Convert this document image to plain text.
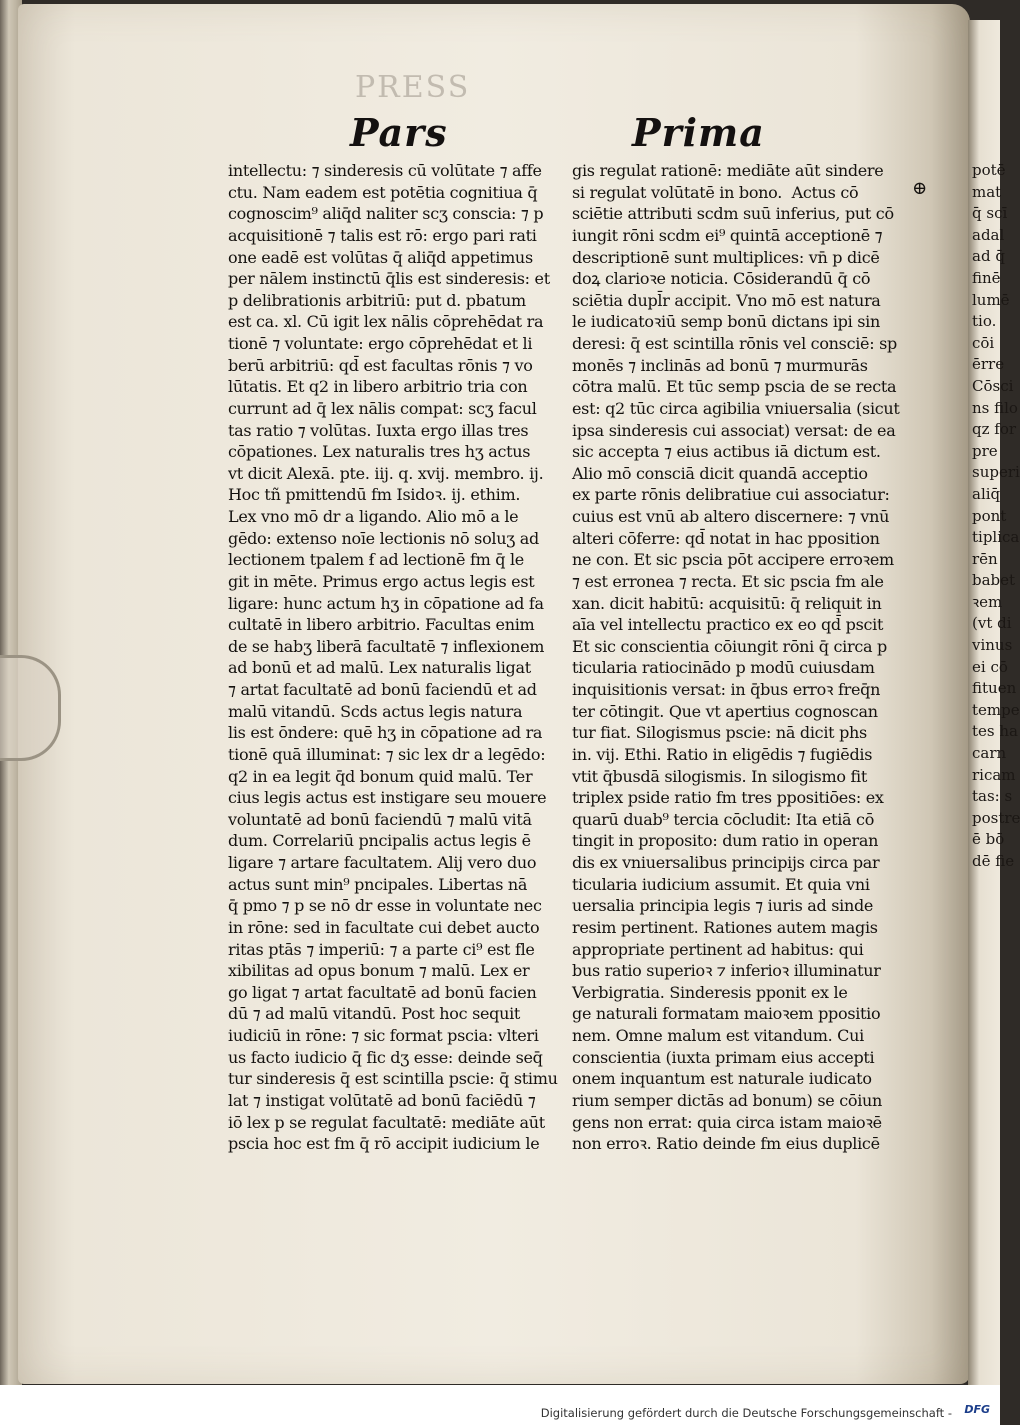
potē
mat
q̄ scī
adal
ad q̄
finē
lumē
tio.
cōi
ērre
Cōsci
ns filo
qz for
pre
superi
aliq̄
pont
tiplica
rēn
babet
ꝛem
(vt di
vinus
ei cō
fituen
tempe
tes ha
carn
ricam
tas: s
postre
ē bō
dē fie
PRESS
Pars	Prima
intellectu: ⁊ sinderesis cū volūtate ⁊ affe
ctu. Nam eadem est potētia cognitiua q̄
cognoscim⁹ aliq̄d naliter scʒ conscia: ⁊ p
acquisitionē ⁊ talis est rō: ergo pari rati
one eadē est volūtas q̄ aliq̄d appetimus
per nālem instinctū q̄lis est sinderesis: et
p delibrationis arbitriū: put d. pbatum
est ca. xl. Cū igit lex nālis cōprehēdat ra
tionē ⁊ voluntate: ergo cōprehēdat et li
berū arbitriū: qd̄ est facultas rōnis ⁊ vo
lūtatis. Et q2 in libero arbitrio tria con
currunt ad q̄ lex nālis compat: scʒ facul
tas ratio ⁊ volūtas. Iuxta ergo illas tres
cōpationes. Lex naturalis tres hʒ actus
vt dicit Alexā. pte. iij. q. xvij. membro. ij.
Hoc tñ pmittendū fm Isidoꝛ. ij. ethim.
Lex vno mō dr a ligando. Alio mō a le
gēdo: extenso noīe lectionis nō soluʒ ad
lectionem tpalem ẜ ad lectionē fm q̄ le
git in mēte. Primus ergo actus legis est
ligare: hunc actum hʒ in cōpatione ad fa
cultatē in libero arbitrio. Facultas enim
de se habʒ liberā facultatē ⁊ inflexionem
ad bonū et ad malū. Lex naturalis ligat
⁊ artat facultatē ad bonū faciendū et ad
malū vitandū. Scds actus legis natura
lis est ōndere: quē hʒ in cōpatione ad ra
tionē quā illuminat: ⁊ sic lex dr a legēdo:
q2 in ea legit q̄d bonum quid malū. Ter
cius legis actus est instigare seu mouere
voluntatē ad bonū faciendū ⁊ malū vitā
dum. Correlariū pncipalis actus legis ē
ligare ⁊ artare facultatem. Alij vero duo
actus sunt min⁹ pncipales. Libertas nā
q̄ pmo ⁊ p se nō dr esse in voluntate nec
in rōne: sed in facultate cui debet aucto
ritas ptās ⁊ imperiū: ⁊ a parte ci⁹ est fle
xibilitas ad opus bonum ⁊ malū. Lex er
go ligat ⁊ artat facultatē ad bonū facien
dū ⁊ ad malū vitandū. Post hoc sequit
iudiciū in rōne: ⁊ sic format pscia: vlteri
us facto iudicio q̄ fic dʒ esse: deinde seq̄
tur sinderesis q̄ est scintilla pscie: q̄ stimu
lat ⁊ instigat volūtatē ad bonū faciēdū ⁊
iō lex p se regulat facultatē: mediāte aūt
pscia hoc est fm q̄ rō accipit iudicium le
gis regulat rationē: mediāte aūt sindere
si regulat volūtatē in bono.  Actus cō
sciētie attributi scdm suū inferius, put cō
iungit rōni scdm ei⁹ quintā acceptionē ⁊
descriptionē sunt multiplices: vn̄ p dicē
doꝝ clarioꝛe noticia. Cōsiderandū q̄ cō
sciētia dupl̄r accipit. Vno mō est natura
le iudicatoꝛiū semp bonū dictans ipi sin
deresi: q̄ est scintilla rōnis vel consciē: sp
monēs ⁊ inclinās ad bonū ⁊ murmurās
cōtra malū. Et tūc semp pscia de se recta
est: q2 tūc circa agibilia vniuersalia (sicut
ipsa sinderesis cui associat) versat: de ea
sic accepta ⁊ eius actibus iā dictum est.
Alio mō consciā dicit quandā acceptio
ex parte rōnis delibratiue cui associatur:
cuius est vnū ab altero discernere: ⁊ vnū
alteri cōferre: qd̄ notat in hac pposition
ne con. Et sic pscia pōt accipere erroꝛem
⁊ est erronea ⁊ recta. Et sic pscia fm ale
xan. dicit habitū: acquisitū: q̄ reliquit in
aīa vel intellectu practico ex eo qd̄ pscit
Et sic conscientia cōiungit rōni q̄ circa p
ticularia ratiocinādo p modū cuiusdam
inquisitionis versat: in q̄bus erroꝛ freq̄n
ter cōtingit. Que vt apertius cognoscan
tur fiat. Silogismus pscie: nā dicit phs
in. vij. Ethi. Ratio in eligēdis ⁊ fugiēdis
vtit q̄busdā silogismis. In silogismo fit
triplex pside ratio fm tres ppositiōes: ex
quarū duab⁹ tercia cōcludit: Ita etiā cō
tingit in proposito: dum ratio in operan
dis ex vniuersalibus principijs circa par
ticularia iudicium assumit. Et quia vni
uersalia principia legis ⁊ iuris ad sinde
resim pertinent. Rationes autem magis
appropriate pertinent ad habitus: qui
bus ratio superioꝛ ⁊ inferioꝛ illuminatur
Verbigratia. Sinderesis pponit ex le
ge naturali formatam maioꝛem ppositio
nem. Omne malum est vitandum. Cui
conscientia (iuxta primam eius accepti
onem inquantum est naturale iudicato
rium semper dictās ad bonum) se cōiun
gens non errat: quia circa istam maioꝛē
non erroꝛ. Ratio deinde fm eius duplicē
⊕
Digitalisierung gefördert durch die Deutsche Forschungsgemeinschaft - DFG
